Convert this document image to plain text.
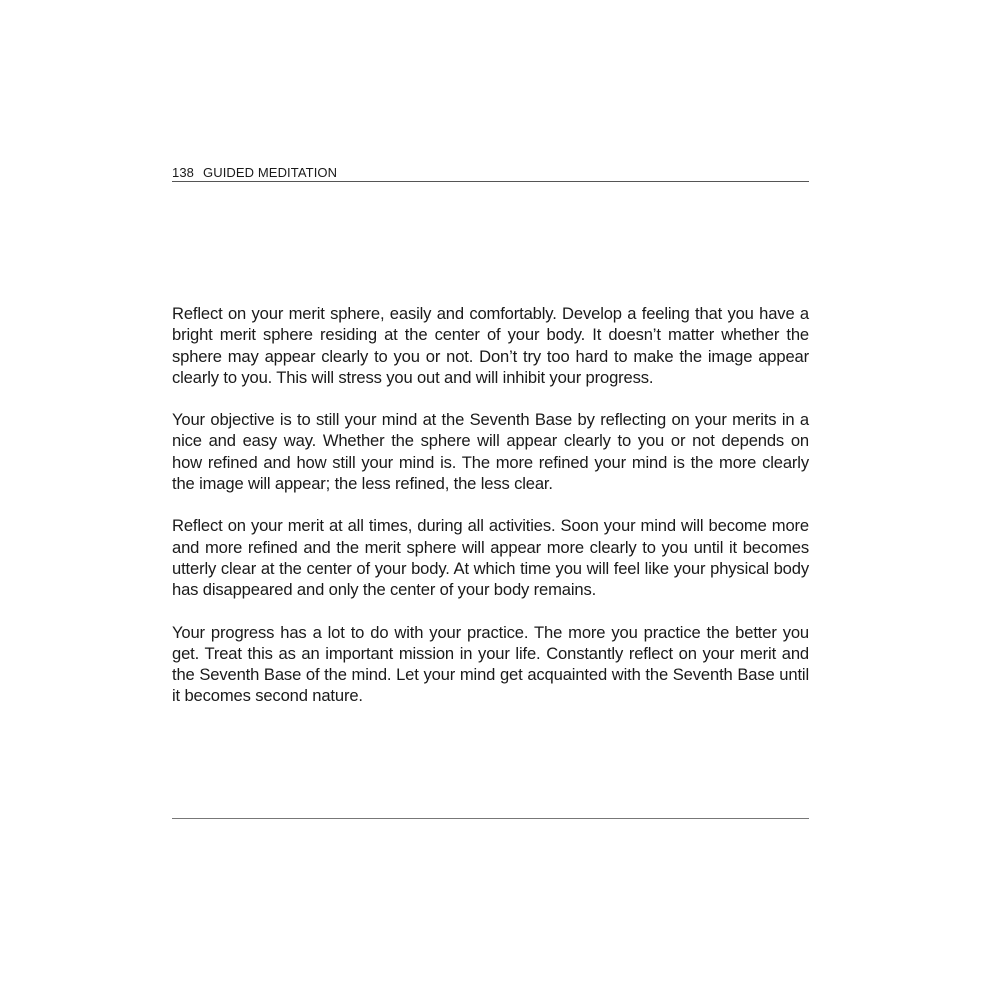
138 GUIDED MEDITATION

Reflect on your merit sphere, easily and comfortably. Develop a feeling that you have a bright merit sphere residing at the center of your body. It doesn’t matter whether the sphere may appear clearly to you or not. Don’t try too hard to make the image appear clearly to you. This will stress you out and will inhibit your progress.

Your objective is to still your mind at the Seventh Base by reflecting on your merits in a nice and easy way. Whether the sphere will appear clearly to you or not depends on how refined and how still your mind is. The more refined your mind is the more clearly the image will appear; the less refined, the less clear.

Reflect on your merit at all times, during all activities. Soon your mind will become more and more refined and the merit sphere will appear more clearly to you until it becomes utterly clear at the center of your body. At which time you will feel like your physical body has disappeared and only the center of your body remains.

Your progress has a lot to do with your practice. The more you practice the better you get. Treat this as an important mission in your life. Constantly reflect on your merit and the Seventh Base of the mind. Let your mind get acquainted with the Seventh Base until it becomes second nature.
